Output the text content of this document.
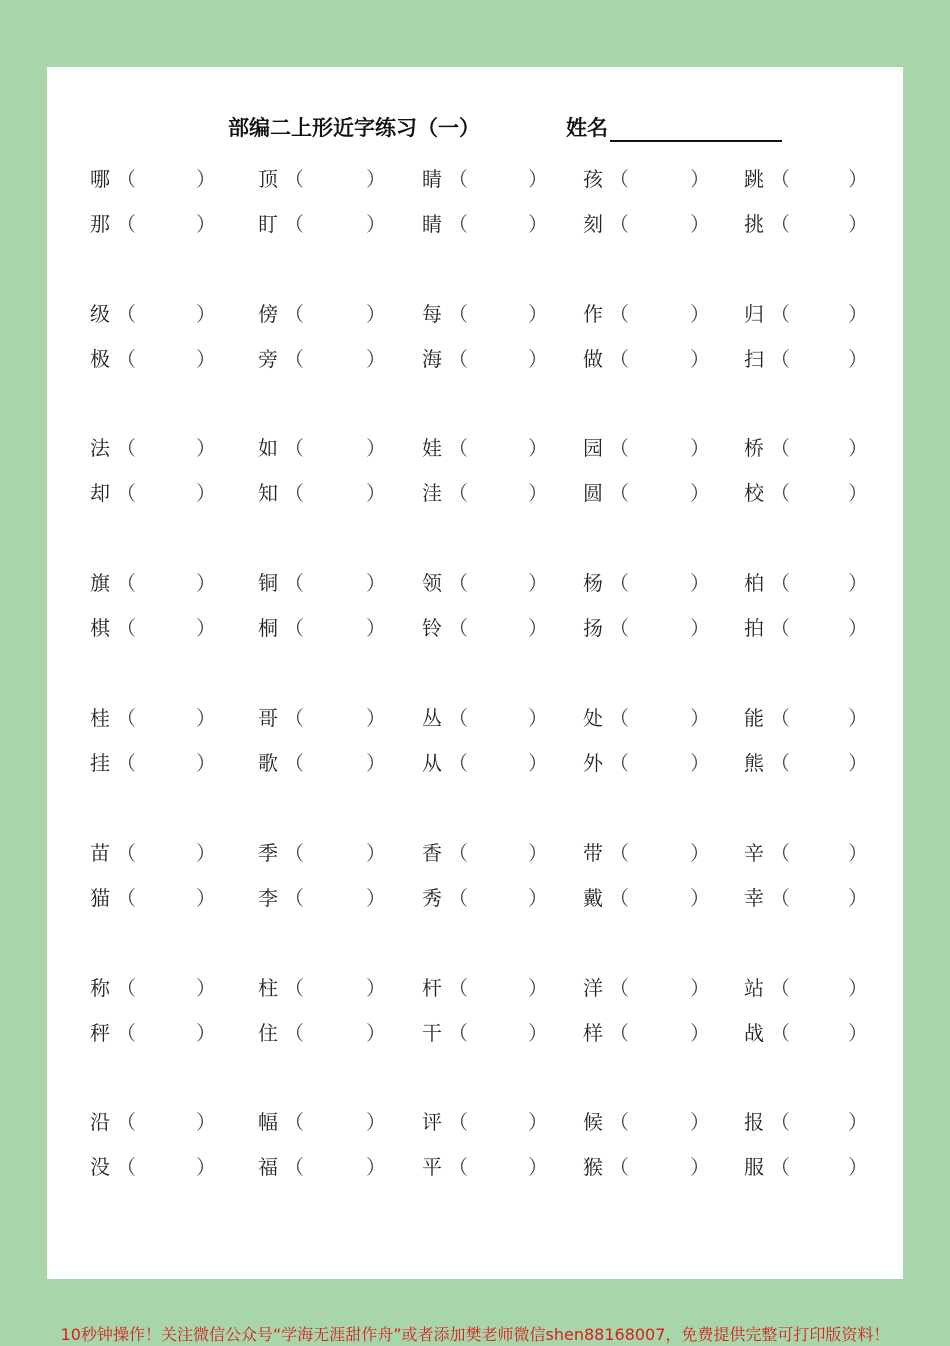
部编二上形近字练习（一）	姓名
哪 （	） 顶 （	） 睛 （	） 孩 （	） 跳 （	）
那 （	） 盯 （	） 睛 （	） 刻 （	） 挑 （	）
级 （	） 傍 （	） 每 （	） 作 （	） 归 （	）
极 （	） 旁 （	） 海 （	） 做 （	） 扫 （	）
法 （	） 如 （	） 娃 （	） 园 （	） 桥 （	）
却 （	） 知 （	） 洼 （	） 圆 （	） 校 （	）
旗 （	） 铜 （	） 领 （	） 杨 （	） 柏 （	）
棋 （	） 桐 （	） 铃 （	） 扬 （	） 拍 （	）
桂 （	） 哥 （	） 丛 （	） 处 （	） 能 （	）
挂 （	） 歌 （	） 从 （	） 外 （	） 熊 （	）
苗 （	） 季 （	） 香 （	） 带 （	） 辛 （	）
猫 （	） 李 （	） 秀 （	） 戴 （	） 幸 （	）
称 （	） 柱 （	） 杆 （	） 洋 （	） 站 （	）
秤 （	） 住 （	） 干 （	） 样 （	） 战 （	）
沿 （	） 幅 （	） 评 （	） 候 （	） 报 （	）
没 （	） 福 （	） 平 （	） 猴 （	） 服 （	）
10秒钟操作！关注微信公众号“学海无涯甜作舟”或者添加樊老师微信shen88168007，免费提供完整可打印版资料！
